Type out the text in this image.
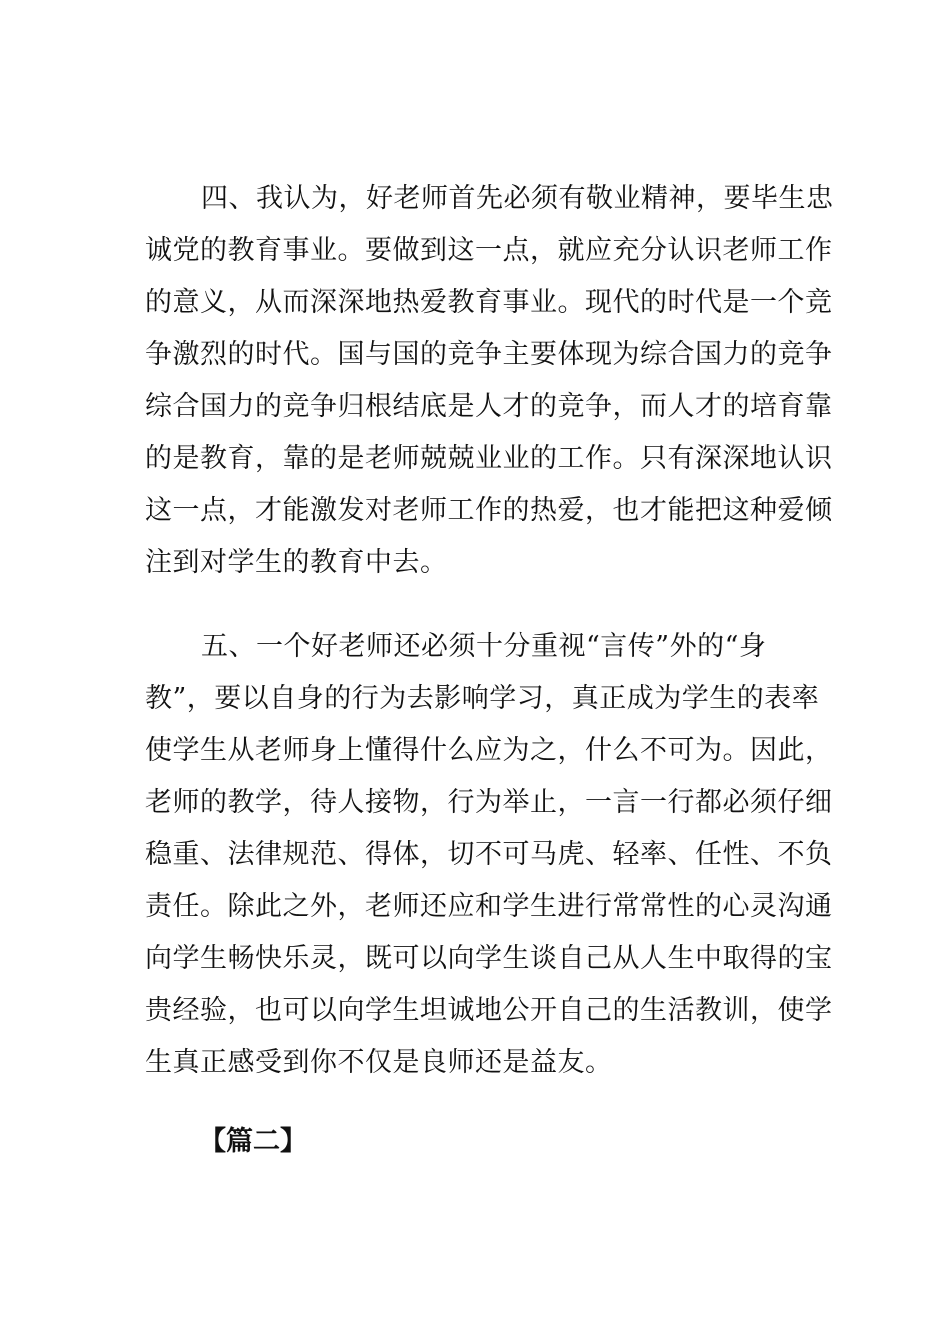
四、我认为，好老师首先必须有敬业精神，要毕生忠
诚党的教育事业。要做到这一点，就应充分认识老师工作
的意义，从而深深地热爱教育事业。现代的时代是一个竞
争激烈的时代。国与国的竞争主要体现为综合国力的竞争
综合国力的竞争归根结底是人才的竞争，而人才的培育靠
的是教育，靠的是老师兢兢业业的工作。只有深深地认识
这一点，才能激发对老师工作的热爱，也才能把这种爱倾
注到对学生的教育中去。
五、一个好老师还必须十分重视“言传”外的“身
教”，要以自身的行为去影响学习，真正成为学生的表率
使学生从老师身上懂得什么应为之，什么不可为。因此，
老师的教学，待人接物，行为举止，一言一行都必须仔细
稳重、法律规范、得体，切不可马虎、轻率、任性、不负
责任。除此之外，老师还应和学生进行常常性的心灵沟通
向学生畅快乐灵，既可以向学生谈自己从人生中取得的宝
贵经验，也可以向学生坦诚地公开自己的生活教训，使学
生真正感受到你不仅是良师还是益友。
【篇二】
